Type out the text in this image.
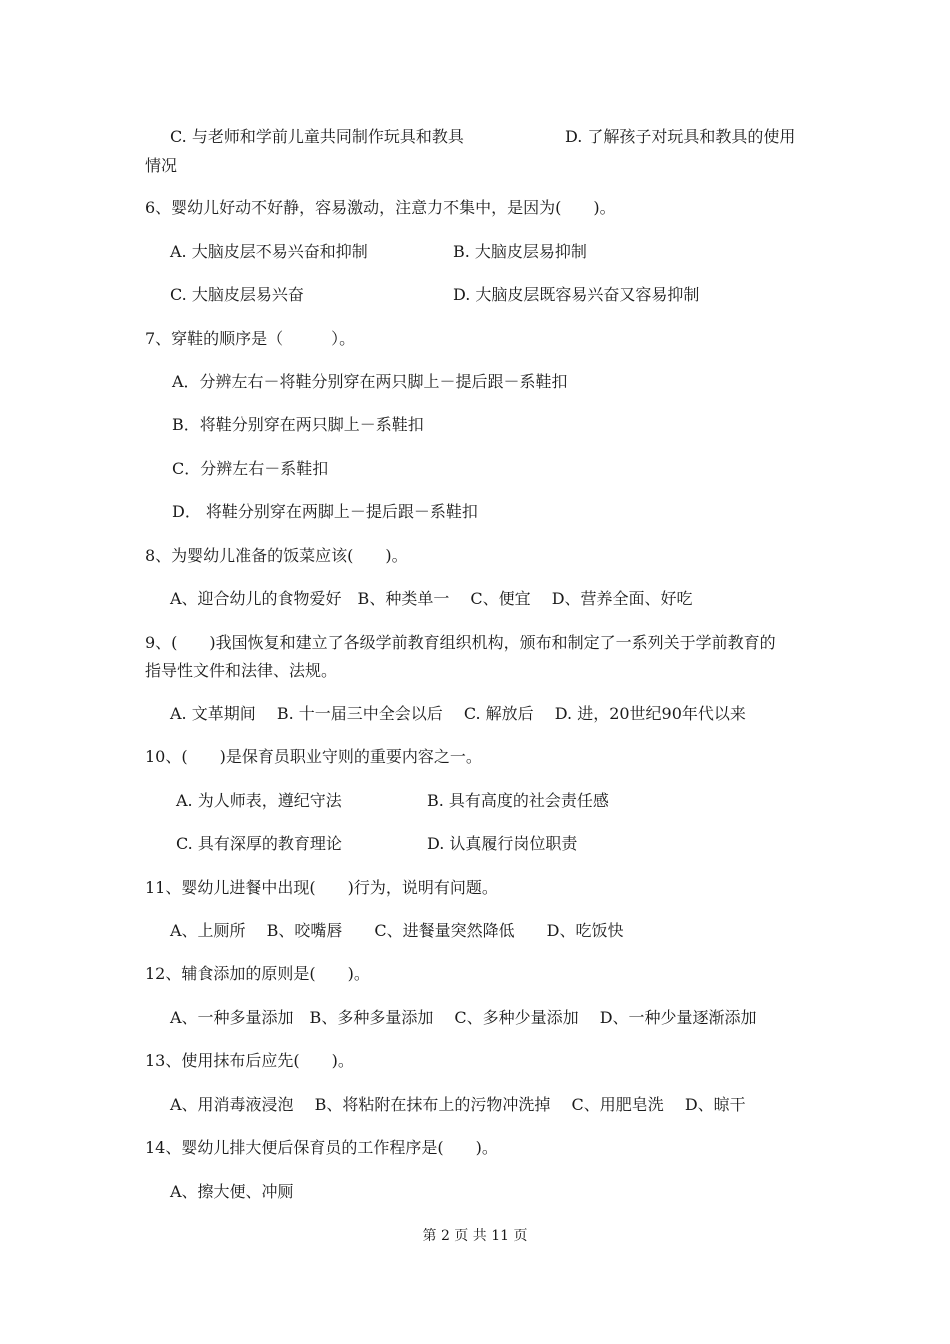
C. 与老师和学前儿童共同制作玩具和教具	D. 了解孩子对玩具和教具的使用
情况
6、婴幼儿好动不好静，容易激动，注意力不集中，是因为(　　)。
A. 大脑皮层不易兴奋和抑制	B. 大脑皮层易抑制
C. 大脑皮层易兴奋	D. 大脑皮层既容易兴奋又容易抑制
7、穿鞋的顺序是（　　　）。
A．分辨左右－将鞋分别穿在两只脚上－提后跟－系鞋扣
B．将鞋分别穿在两只脚上－系鞋扣
C．分辨左右－系鞋扣
D． 将鞋分别穿在两脚上－提后跟－系鞋扣
8、为婴幼儿准备的饭菜应该(　　)。
A、迎合幼儿的食物爱好　B、种类单一　 C、便宜　 D、营养全面、好吃
9、(　　)我国恢复和建立了各级学前教育组织机构，颁布和制定了一系列关于学前教育的
指导性文件和法律、法规。
A. 文革期间　 B. 十一届三中全会以后　 C. 解放后　 D. 进，20世纪90年代以来
10、(　　)是保育员职业守则的重要内容之一。
A. 为人师表，遵纪守法	B. 具有高度的社会责任感
C. 具有深厚的教育理论	D. 认真履行岗位职责
11、婴幼儿进餐中出现(　　)行为，说明有问题。
A、上厕所　 B、咬嘴唇　　C、进餐量突然降低　　D、吃饭快
12、辅食添加的原则是(　　)。
A、一种多量添加　B、多种多量添加　 C、多种少量添加　 D、一种少量逐渐添加
13、使用抹布后应先(　　)。
A、用消毒液浸泡　 B、将粘附在抹布上的污物冲洗掉　 C、用肥皂洗　 D、晾干
14、婴幼儿排大便后保育员的工作程序是(　　)。
A、擦大便、冲厕
第 2 页 共 11 页
